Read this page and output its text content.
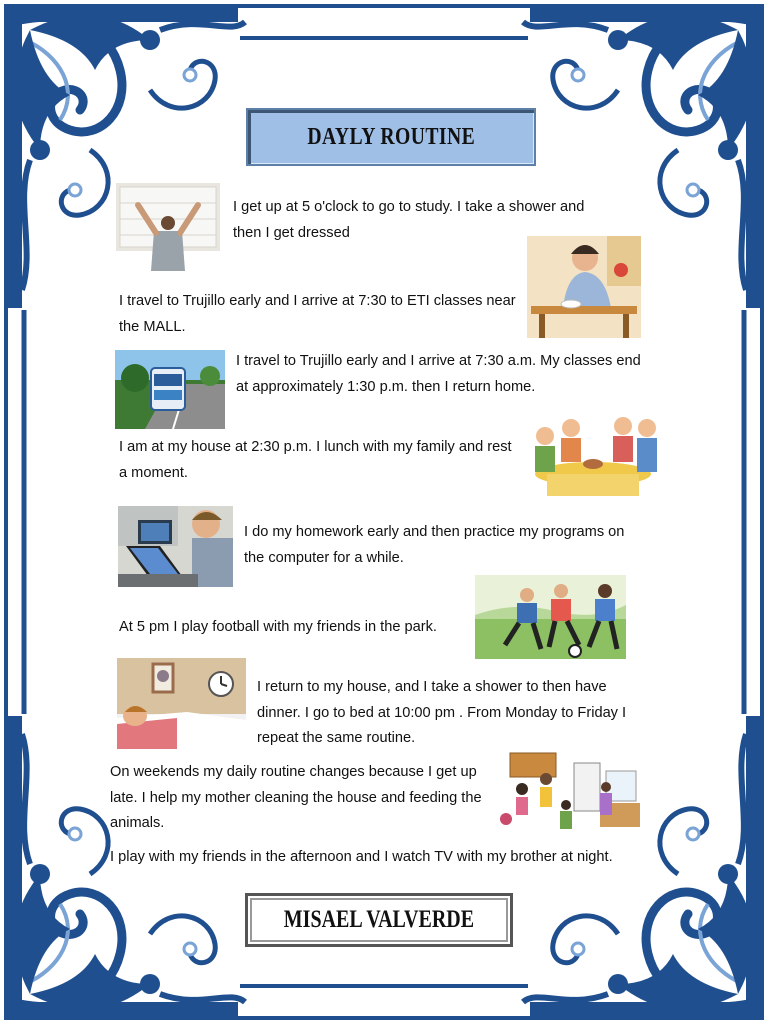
DAYLY ROUTINE
I get up at 5 o'clock to go to study. I take a shower and then I get dressed
I travel to Trujillo early and I arrive at 7:30 to ETI classes near the MALL.
I travel to Trujillo early and I arrive at 7:30 a.m. My classes end at approximately 1:30 p.m. then I return home.
I am at my house at 2:30 p.m. I lunch with my family and rest a moment.
I do my homework early and then practice my programs on the computer for a while.
At 5 pm I play football with my friends in the park.
I return to my house, and I take a shower to then have dinner. I go to bed at 10:00 pm . From Monday to Friday I repeat the same routine.
On weekends my daily routine changes because I get up late. I help my mother cleaning the house and feeding the animals.
I play with my friends in the afternoon and I watch TV with my brother at night.
MISAEL VALVERDE
